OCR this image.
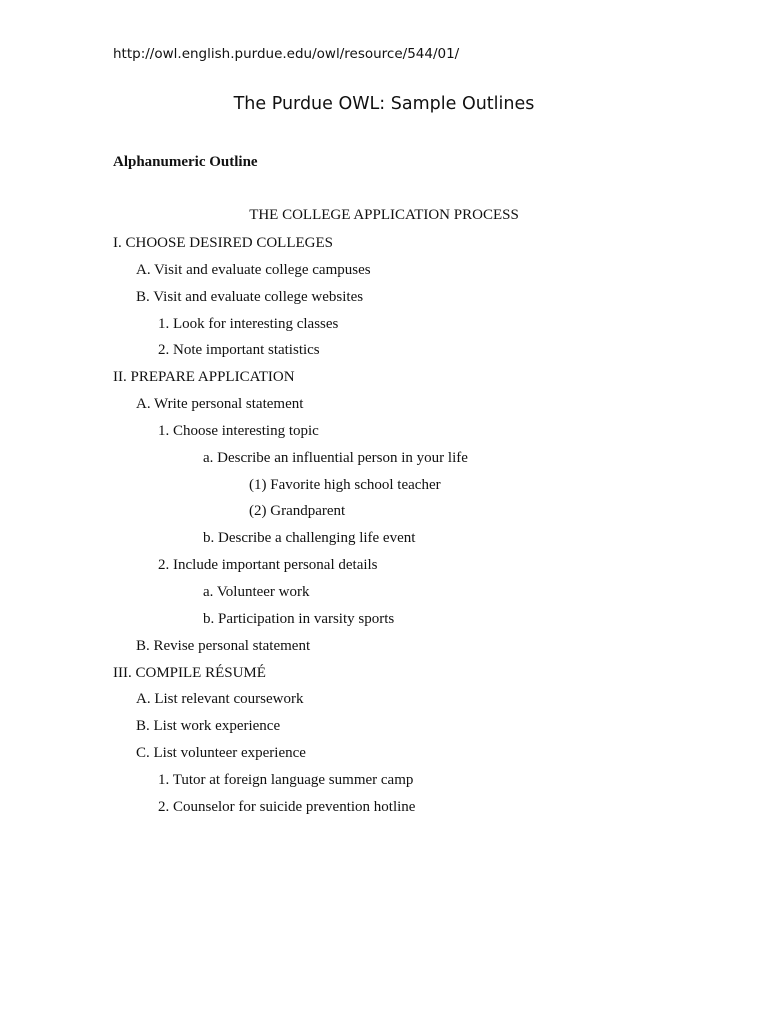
http://owl.english.purdue.edu/owl/resource/544/01/
The Purdue OWL: Sample Outlines
Alphanumeric Outline
THE COLLEGE APPLICATION PROCESS
I. CHOOSE DESIRED COLLEGES
A. Visit and evaluate college campuses
B. Visit and evaluate college websites
1. Look for interesting classes
2. Note important statistics
II. PREPARE APPLICATION
A. Write personal statement
1. Choose interesting topic
a. Describe an influential person in your life
(1) Favorite high school teacher
(2) Grandparent
b. Describe a challenging life event
2. Include important personal details
a. Volunteer work
b. Participation in varsity sports
B. Revise personal statement
III. COMPILE RÉSUMÉ
A. List relevant coursework
B. List work experience
C. List volunteer experience
1. Tutor at foreign language summer camp
2. Counselor for suicide prevention hotline
